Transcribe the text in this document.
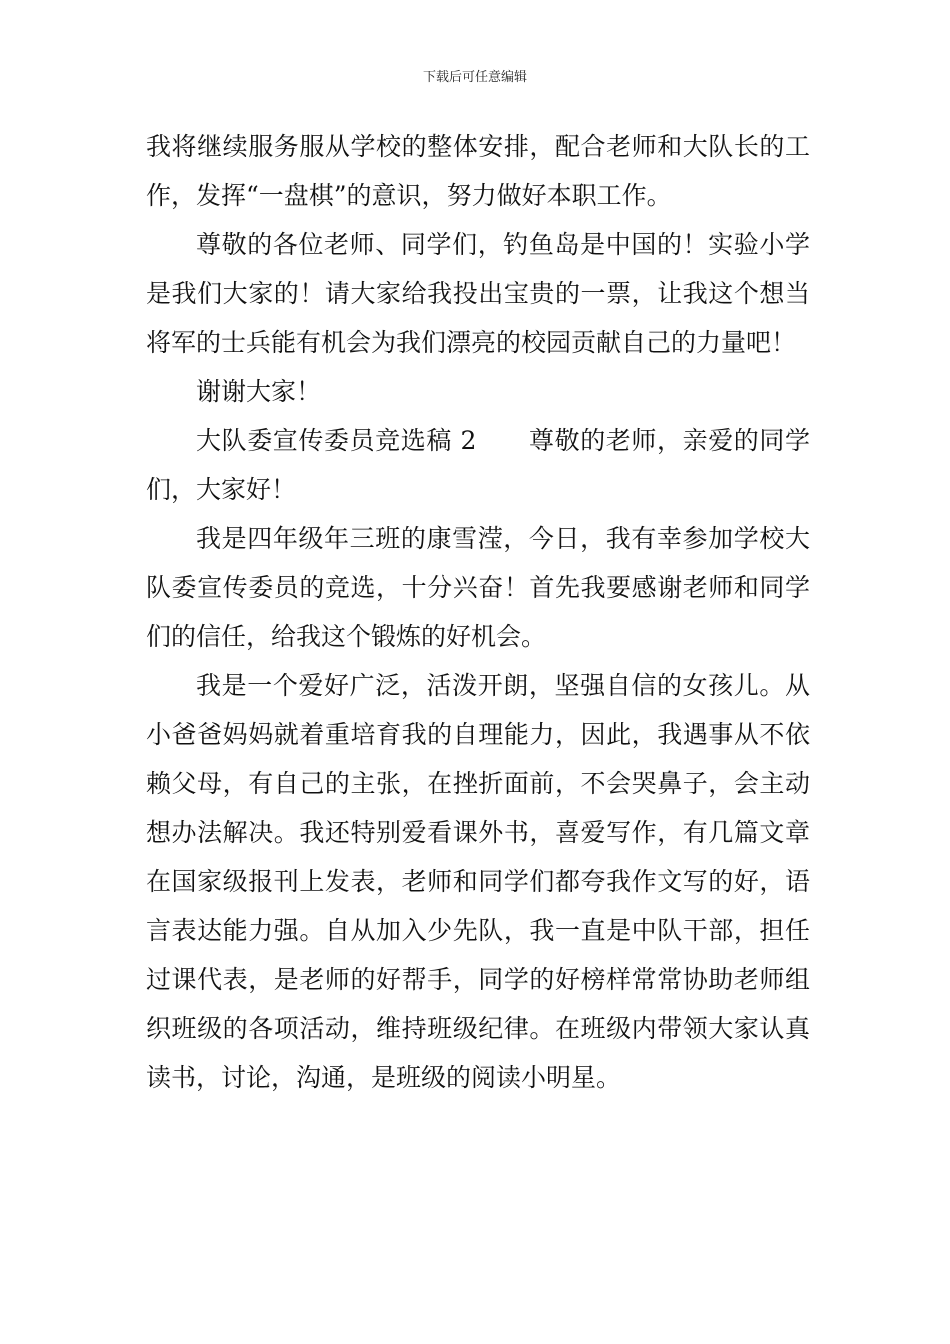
下载后可任意编辑

我将继续服务服从学校的整体安排，配合老师和大队长的工作，发挥“一盘棋”的意识，努力做好本职工作。

尊敬的各位老师、同学们，钓鱼岛是中国的！实验小学是我们大家的！请大家给我投出宝贵的一票，让我这个想当将军的士兵能有机会为我们漂亮的校园贡献自己的力量吧！

谢谢大家！

大队委宣传委员竞选稿 2 尊敬的老师，亲爱的同学们，大家好！

我是四年级年三班的康雪滢，今日，我有幸参加学校大队委宣传委员的竞选，十分兴奋！首先我要感谢老师和同学们的信任，给我这个锻炼的好机会。

我是一个爱好广泛，活泼开朗，坚强自信的女孩儿。从小爸爸妈妈就着重培育我的自理能力，因此，我遇事从不依赖父母，有自己的主张，在挫折面前，不会哭鼻子，会主动想办法解决。我还特别爱看课外书，喜爱写作，有几篇文章在国家级报刊上发表，老师和同学们都夸我作文写的好，语言表达能力强。自从加入少先队，我一直是中队干部，担任过课代表，是老师的好帮手，同学的好榜样常常协助老师组织班级的各项活动，维持班级纪律。在班级内带领大家认真读书，讨论，沟通，是班级的阅读小明星。
